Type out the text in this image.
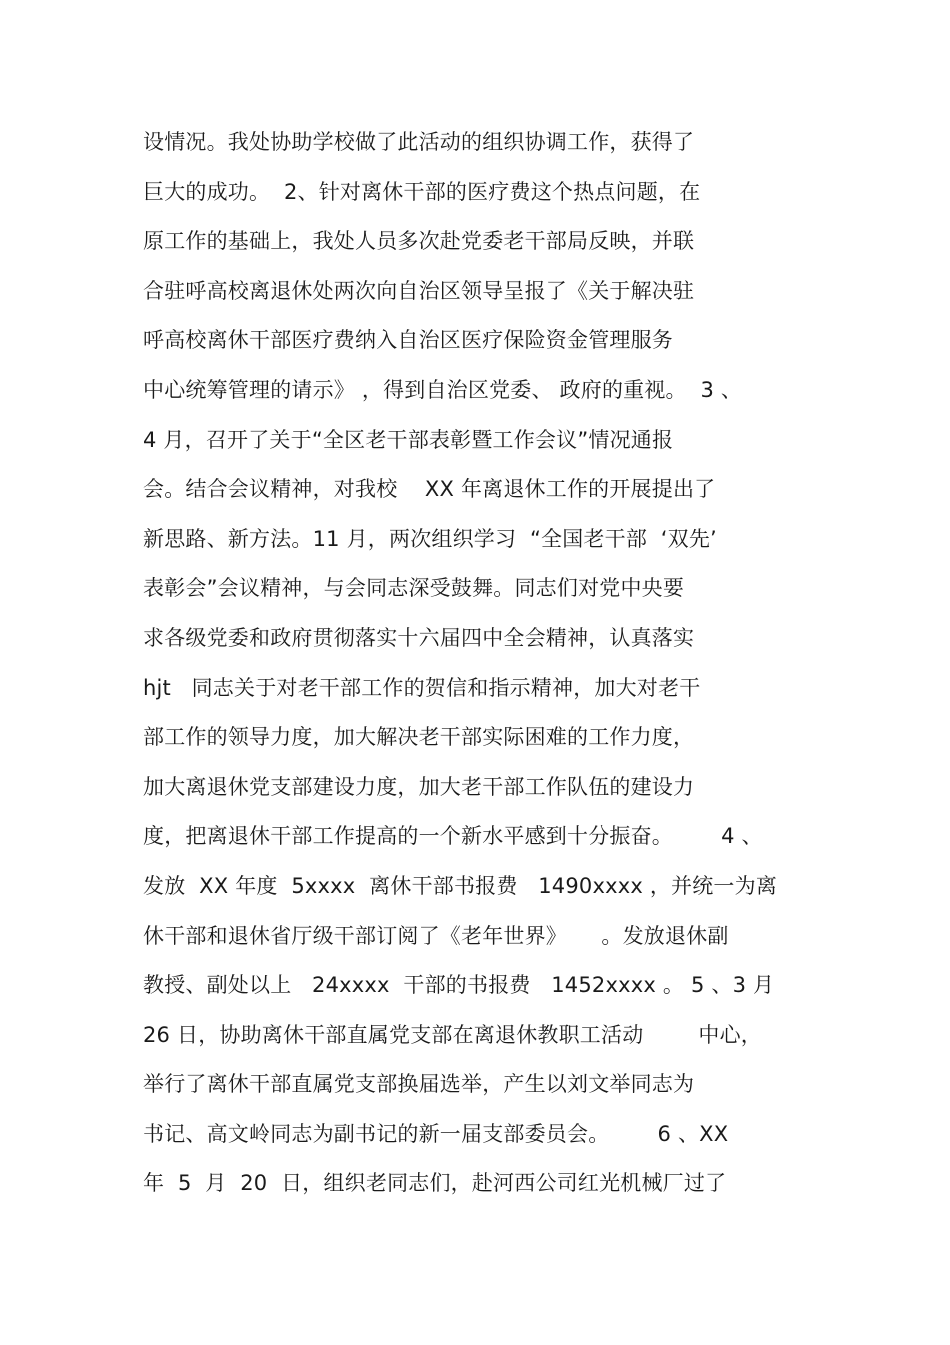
设情况。我处协助学校做了此活动的组织协调工作，获得了
巨大的成功。  2、针对离休干部的医疗费这个热点问题，在
原工作的基础上，我处人员多次赴党委老干部局反映，并联
合驻呼高校离退休处两次向自治区领导呈报了《关于解决驻
呼高校离休干部医疗费纳入自治区医疗保险资金管理服务
中心统筹管理的请示》 ，得到自治区党委、 政府的重视。  3 、
4 月，召开了关于“全区老干部表彰暨工作会议”情况通报
会。结合会议精神，对我校    XX 年离退休工作的开展提出了
新思路、新方法。11 月，两次组织学习  “全国老干部  ‘双先’
表彰会”会议精神，与会同志深受鼓舞。同志们对党中央要
求各级党委和政府贯彻落实十六届四中全会精神，认真落实
hjt   同志关于对老干部工作的贺信和指示精神，加大对老干
部工作的领导力度，加大解决老干部实际困难的工作力度，
加大离退休党支部建设力度，加大老干部工作队伍的建设力
度，把离退休干部工作提高的一个新水平感到十分振奋。       4 、
发放  XX 年度  5xxxx  离休干部书报费   1490xxxx ，并统一为离
休干部和退休省厅级干部订阅了《老年世界》     。发放退休副
教授、副处以上   24xxxx  干部的书报费   1452xxxx 。 5 、3 月
26 日，协助离休干部直属党支部在离退休教职工活动        中心，
举行了离休干部直属党支部换届选举，产生以刘文举同志为
书记、高文岭同志为副书记的新一届支部委员会。       6 、XX
年  5  月  20  日，组织老同志们，赴河西公司红光机械厂过了
